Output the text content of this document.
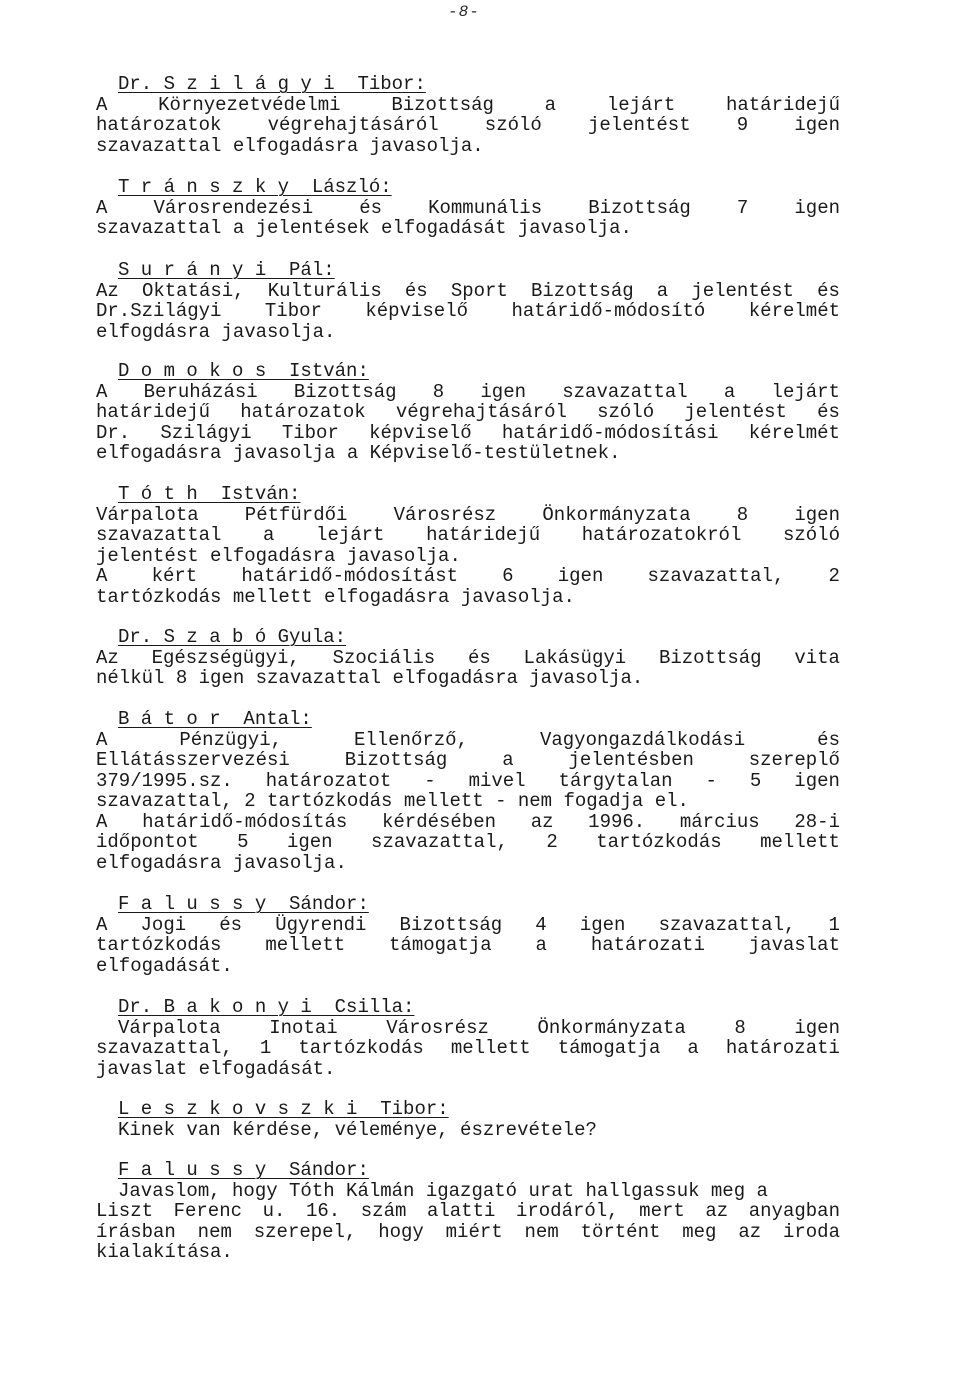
-8-
Dr. S z i l á g y i  Tibor:
A	Környezetvédelmi	Bizottság	a	lejárt	határidejű
határozatok végrehajtásáról szóló jelentést 9 igen
szavazattal elfogadásra javasolja.
T r á n s z k y  László:
A Városrendezési és Kommunális Bizottság 7 igen
szavazattal a jelentések elfogadását javasolja.
S u r á n y i  Pál:
Az Oktatási, Kulturális és Sport Bizottság a jelentést és
Dr.Szilágyi Tibor képviselő határidő-módosító kérelmét
elfogdásra javasolja.
D o m o k o s  István:
A Beruházási Bizottság 8 igen szavazattal a lejárt
határidejű határozatok végrehajtásáról szóló jelentést és
Dr. Szilágyi Tibor képviselő határidő-módosítási kérelmét
elfogadásra javasolja a Képviselő-testületnek.
T ó t h  István:
Várpalota Pétfürdői Városrész Önkormányzata 8 igen
szavazattal a lejárt határidejű határozatokról szóló
jelentést elfogadásra javasolja.
A kért határidő-módosítást 6 igen szavazattal, 2
tartózkodás mellett elfogadásra javasolja.
Dr. S z a b ó Gyula:
Az Egészségügyi, Szociális és Lakásügyi Bizottság vita
nélkül 8 igen szavazattal elfogadásra javasolja.
B á t o r  Antal:
A	Pénzügyi,	Ellenőrző,	Vagyongazdálkodási	és
Ellátásszervezési	Bizottság	a	jelentésben	szereplő
379/1995.sz. határozatot - mivel tárgytalan - 5 igen
szavazattal, 2 tartózkodás mellett - nem fogadja el.
A határidő-módosítás kérdésében az 1996. március 28-i
időpontot 5 igen szavazattal, 2 tartózkodás mellett
elfogadásra javasolja.
F a l u s s y  Sándor:
A Jogi és Ügyrendi Bizottság 4 igen szavazattal, 1
tartózkodás mellett támogatja a határozati javaslat
elfogadását.
Dr. B a k o n y i  Csilla:
Várpalota	Inotai	Városrész	Önkormányzata	8	igen
szavazattal, 1 tartózkodás mellett támogatja a határozati
javaslat elfogadását.
L e s z k o v s z k i  Tibor:
Kinek van kérdése, véleménye, észrevétele?
F a l u s s y  Sándor:
Javaslom, hogy Tóth Kálmán igazgató urat hallgassuk meg a
Liszt Ferenc u. 16. szám alatti irodáról, mert az anyagban
írásban nem szerepel, hogy miért nem történt meg az iroda
kialakítása.
